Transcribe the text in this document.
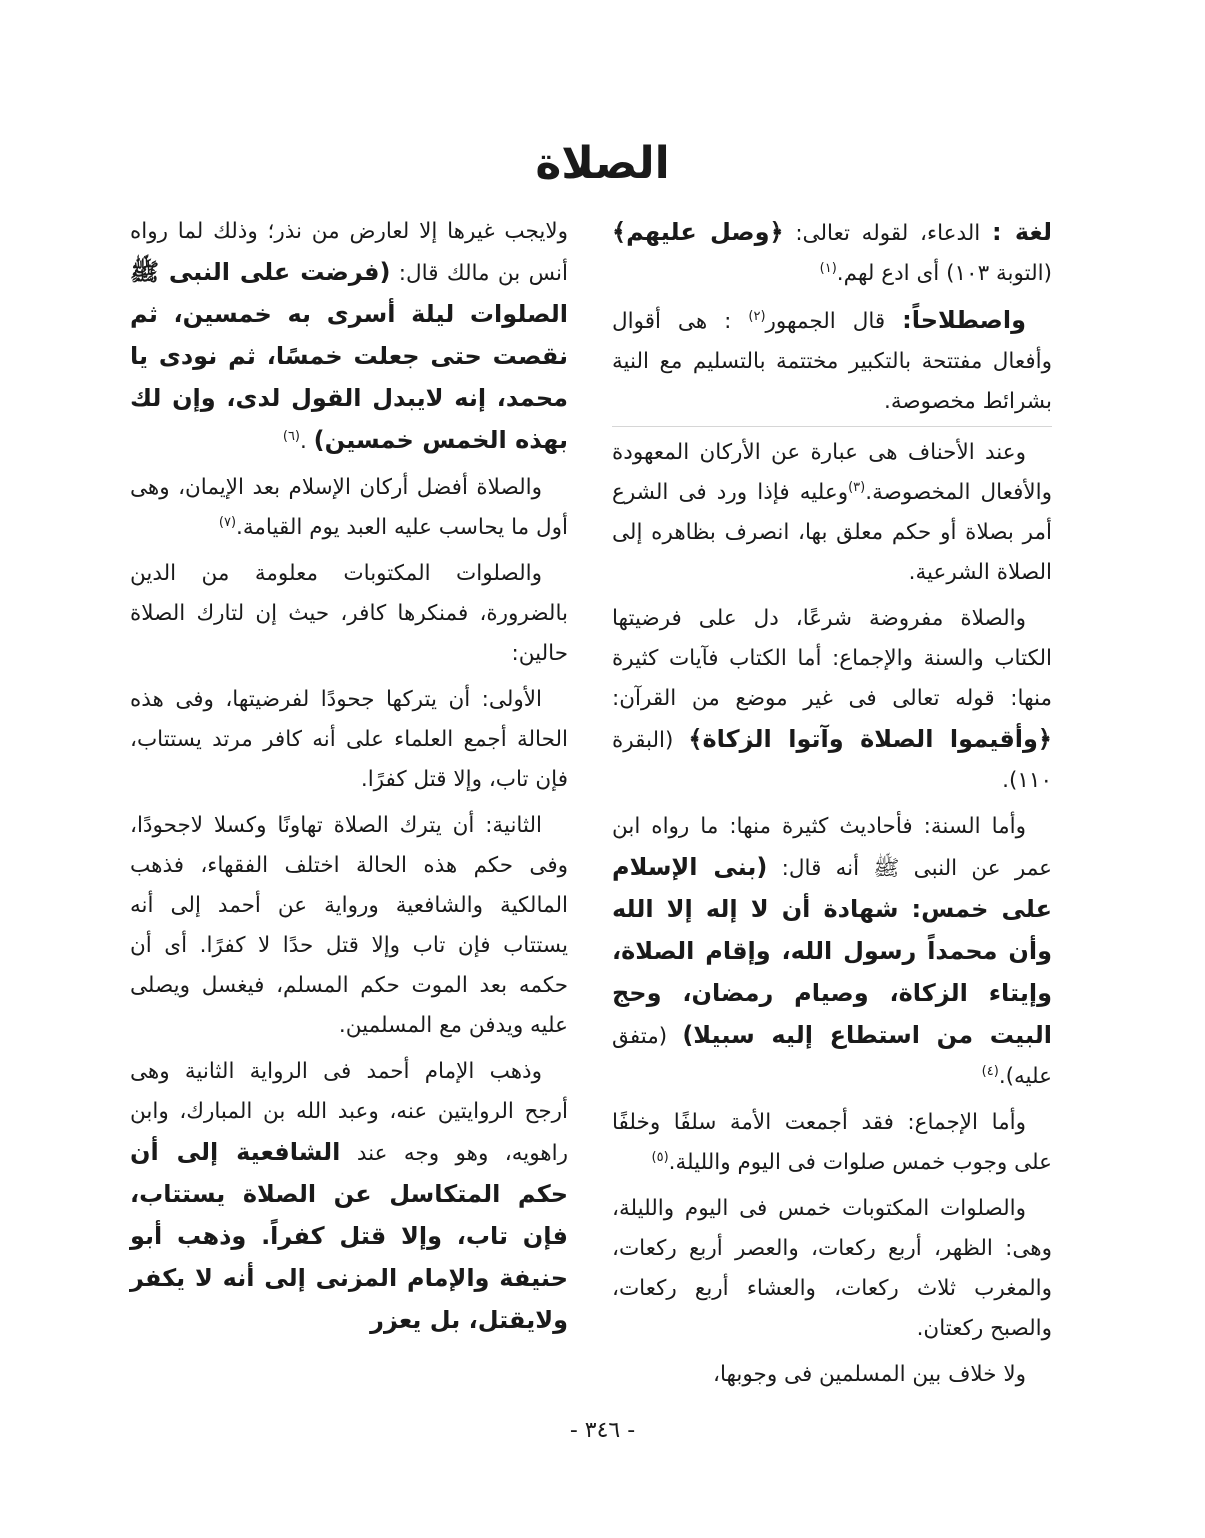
الصلاة

لغة : الدعاء، لقوله تعالى: ﴿وصل عليهم﴾ (التوبة ١٠٣) أى ادع لهم.$^{(١)}$

واصطلاحاً: قال الجمهور$^{(٢)}$ : هى أقوال وأفعال مفتتحة بالتكبير مختتمة بالتسليم مع النية بشرائط مخصوصة.

وعند الأحناف هى عبارة عن الأركان المعهودة والأفعال المخصوصة.$^{(٣)}$وعليه فإذا ورد فى الشرع أمر بصلاة أو حكم معلق بها، انصرف بظاهره إلى الصلاة الشرعية.

والصلاة مفروضة شرعًا، دل على فرضيتها الكتاب والسنة والإجماع: أما الكتاب فآيات كثيرة منها: قوله تعالى فى غير موضع من القرآن: ﴿وأقيموا الصلاة وآتوا الزكاة﴾ (البقرة ١١٠).

وأما السنة: فأحاديث كثيرة منها: ما رواه ابن عمر عن النبى ﷺ أنه قال: (بنى الإسلام على خمس: شهادة أن لا إله إلا الله وأن محمداً رسول الله، وإقام الصلاة، وإيتاء الزكاة، وصيام رمضان، وحج البيت من استطاع إليه سبيلا) (متفق عليه).$^{(٤)}$

وأما الإجماع: فقد أجمعت الأمة سلفًا وخلفًا على وجوب خمس صلوات فى اليوم والليلة.$^{(٥)}$

والصلوات المكتوبات خمس فى اليوم والليلة، وهى: الظهر، أربع ركعات، والعصر أربع ركعات، والمغرب ثلاث ركعات، والعشاء أربع ركعات، والصبح ركعتان.

ولا خلاف بين المسلمين فى وجوبها،

ولايجب غيرها إلا لعارض من نذر؛ وذلك لما رواه أنس بن مالك قال: (فرضت على النبى ﷺ الصلوات ليلة أسرى به خمسين، ثم نقصت حتى جعلت خمسًا، ثم نودى يا محمد، إنه لايبدل القول لدى، وإن لك بهذه الخمس خمسين) .$^{(٦)}$

والصلاة أفضل أركان الإسلام بعد الإيمان، وهى أول ما يحاسب عليه العبد يوم القيامة.$^{(٧)}$

والصلوات المكتوبات معلومة من الدين بالضرورة، فمنكرها كافر، حيث إن لتارك الصلاة حالين:

الأولى: أن يتركها جحودًا لفرضيتها، وفى هذه الحالة أجمع العلماء على أنه كافر مرتد يستتاب، فإن تاب، وإلا قتل كفرًا.

الثانية: أن يترك الصلاة تهاونًا وكسلا لاجحودًا، وفى حكم هذه الحالة اختلف الفقهاء، فذهب المالكية والشافعية ورواية عن أحمد إلى أنه يستتاب فإن تاب وإلا قتل حدًا لا كفرًا. أى أن حكمه بعد الموت حكم المسلم، فيغسل ويصلى عليه ويدفن مع المسلمين.

وذهب الإمام أحمد فى الرواية الثانية وهى أرجح الروايتين عنه، وعبد الله بن المبارك، وابن راهويه، وهو وجه عند الشافعية إلى أن حكم المتكاسل عن الصلاة يستتاب، فإن تاب، وإلا قتل كفراً. وذهب أبو حنيفة والإمام المزنى إلى أنه لا يكفر ولايقتل، بل يعزر

- ٣٤٦ -
